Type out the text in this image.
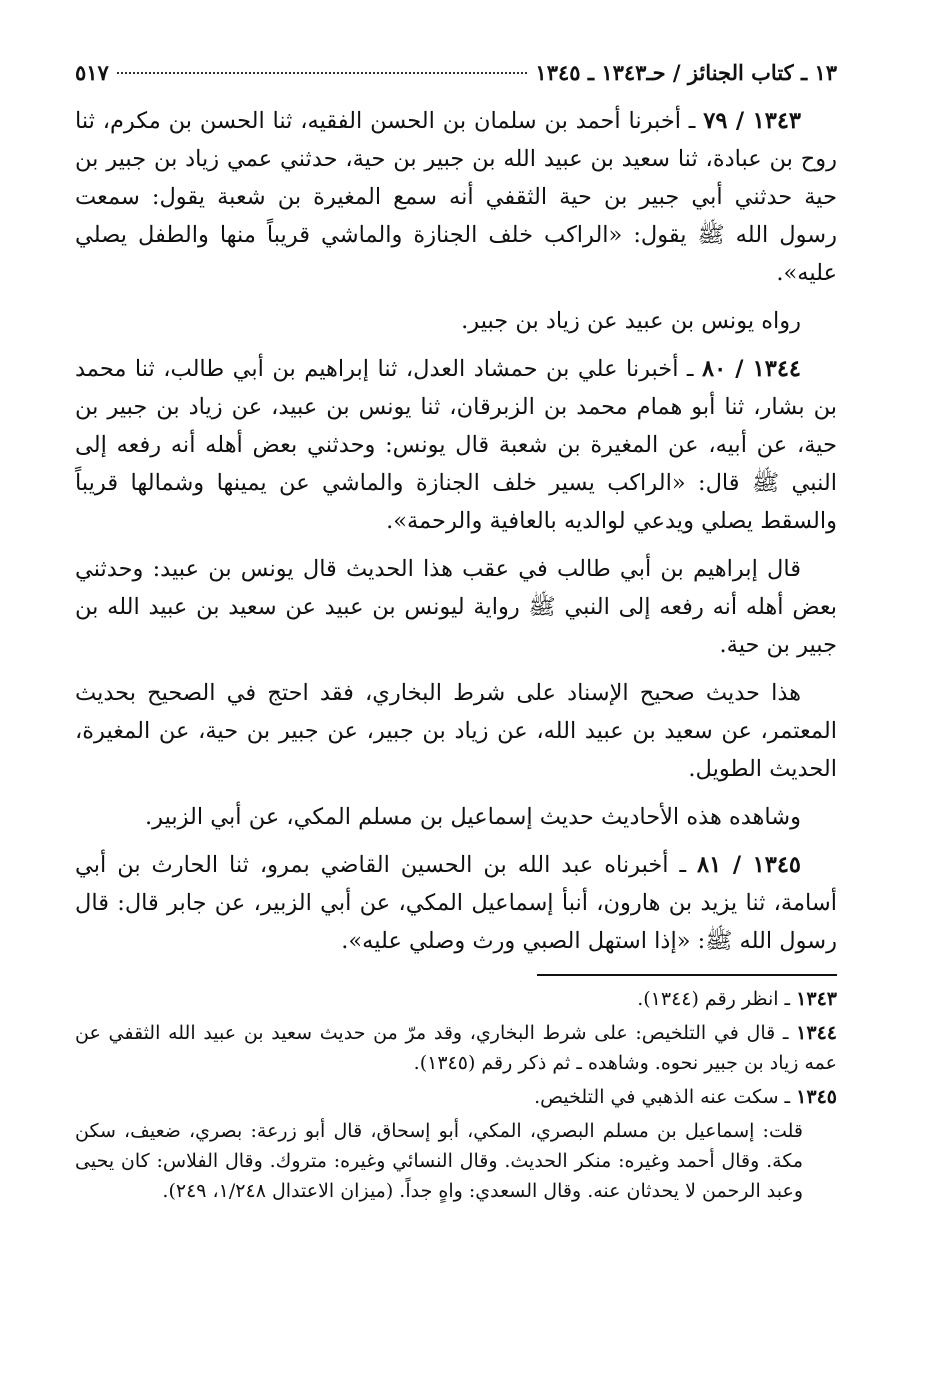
١٣ ـ كتاب الجنائز / حـ١٣٤٣ ـ ١٣٤٥
٥١٧

١٣٤٣ / ٧٩ ـ أخبرنا أحمد بن سلمان بن الحسن الفقيه، ثنا الحسن بن مكرم، ثنا روح بن عبادة، ثنا سعيد بن عبيد الله بن جبير بن حية، حدثني عمي زياد بن جبير بن حية حدثني أبي جبير بن حية الثقفي أنه سمع المغيرة بن شعبة يقول: سمعت رسول الله ﷺ يقول: «الراكب خلف الجنازة والماشي قريباً منها والطفل يصلي عليه».

رواه يونس بن عبيد عن زياد بن جبير.

١٣٤٤ / ٨٠ ـ أخبرنا علي بن حمشاد العدل، ثنا إبراهيم بن أبي طالب، ثنا محمد بن بشار، ثنا أبو همام محمد بن الزبرقان، ثنا يونس بن عبيد، عن زياد بن جبير بن حية، عن أبيه، عن المغيرة بن شعبة قال يونس: وحدثني بعض أهله أنه رفعه إلى النبي ﷺ قال: «الراكب يسير خلف الجنازة والماشي عن يمينها وشمالها قريباً والسقط يصلي ويدعي لوالديه بالعافية والرحمة».

قال إبراهيم بن أبي طالب في عقب هذا الحديث قال يونس بن عبيد: وحدثني بعض أهله أنه رفعه إلى النبي ﷺ رواية ليونس بن عبيد عن سعيد بن عبيد الله بن جبير بن حية.

هذا حديث صحيح الإسناد على شرط البخاري، فقد احتج في الصحيح بحديث المعتمر، عن سعيد بن عبيد الله، عن زياد بن جبير، عن جبير بن حية، عن المغيرة، الحديث الطويل.

وشاهده هذه الأحاديث حديث إسماعيل بن مسلم المكي، عن أبي الزبير.

١٣٤٥ / ٨١ ـ أخبرناه عبد الله بن الحسين القاضي بمرو، ثنا الحارث بن أبي أسامة، ثنا يزيد بن هارون، أنبأ إسماعيل المكي، عن أبي الزبير، عن جابر قال: قال رسول الله ﷺ: «إذا استهل الصبي ورث وصلي عليه».

١٣٤٣ ـ انظر رقم (١٣٤٤).

١٣٤٤ ـ قال في التلخيص: على شرط البخاري، وقد مرّ من حديث سعيد بن عبيد الله الثقفي عن عمه زياد بن جبير نحوه. وشاهده ـ ثم ذكر رقم (١٣٤٥).

١٣٤٥ ـ سكت عنه الذهبي في التلخيص.

قلت: إسماعيل بن مسلم البصري، المكي، أبو إسحاق، قال أبو زرعة: بصري، ضعيف، سكن مكة. وقال أحمد وغيره: منكر الحديث. وقال النسائي وغيره: متروك. وقال الفلاس: كان يحيى وعبد الرحمن لا يحدثان عنه. وقال السعدي: واهٍ جداً. (ميزان الاعتدال ١/٢٤٨، ٢٤٩).
